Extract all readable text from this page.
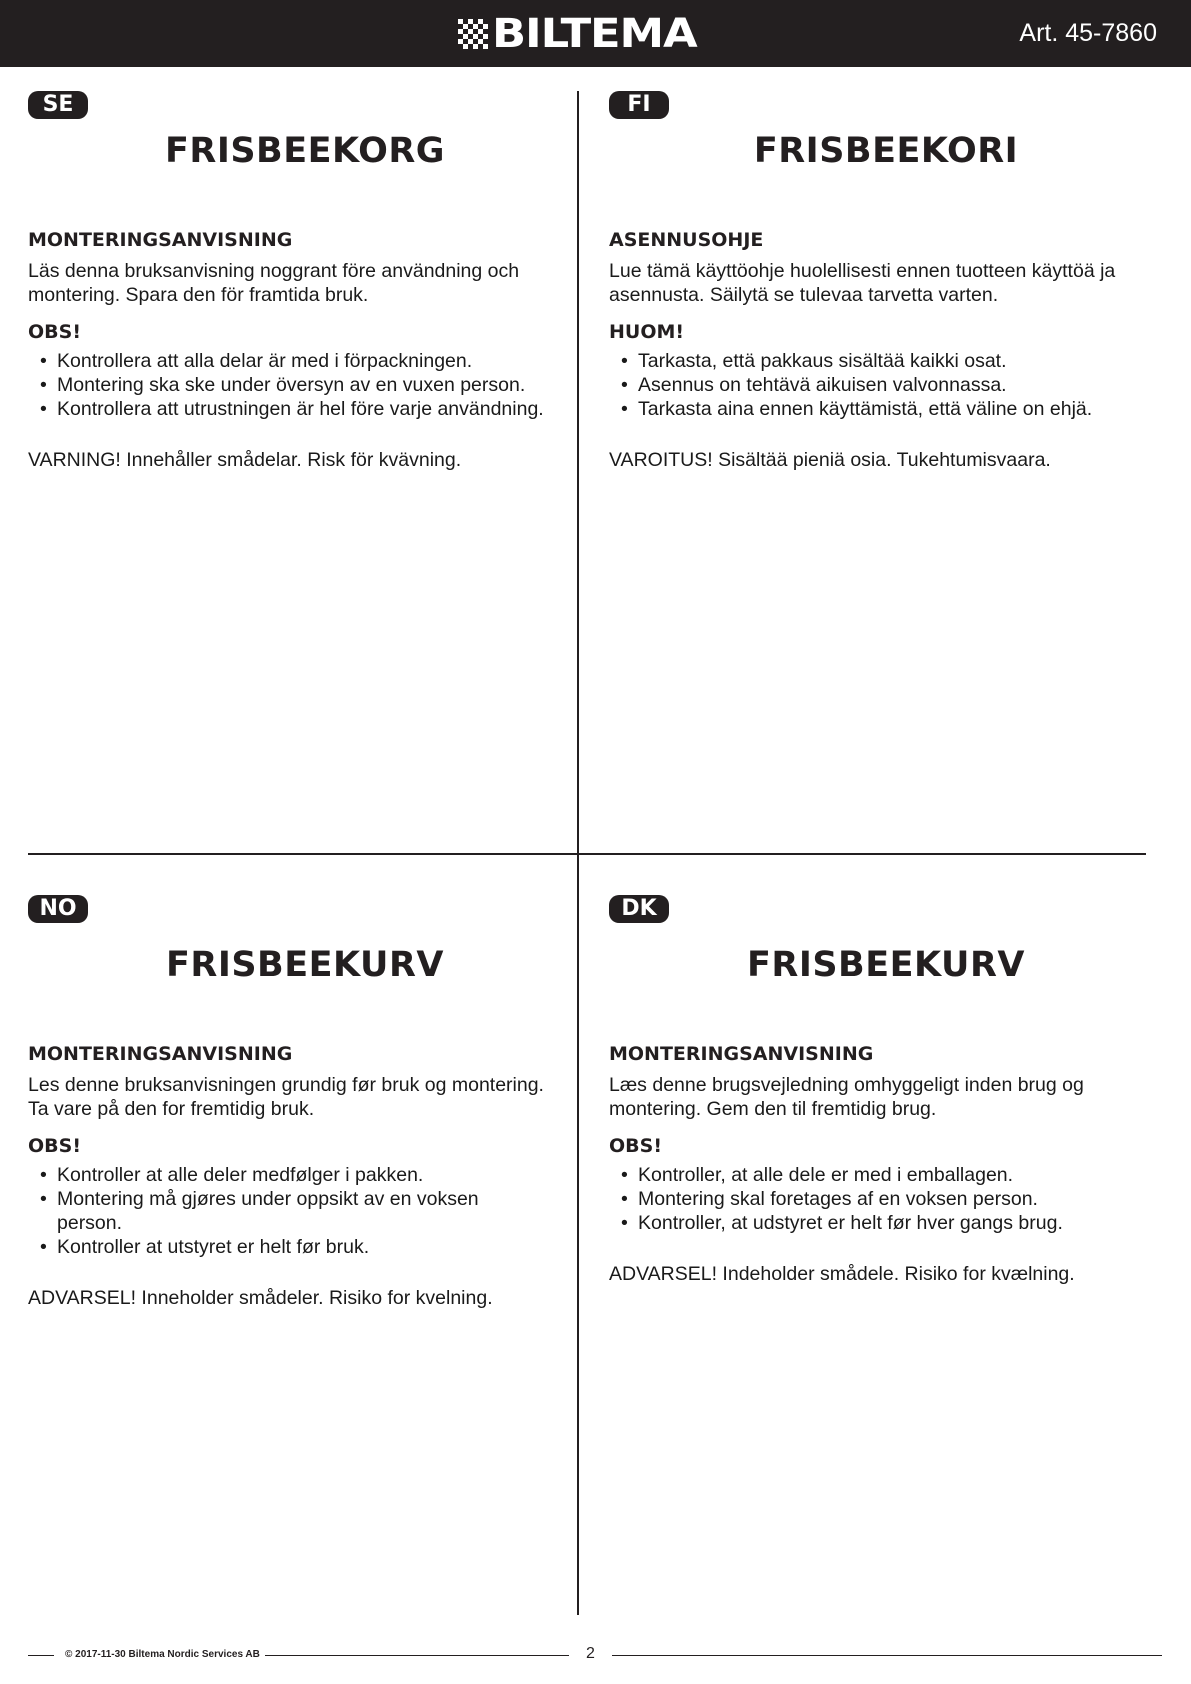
BILTEMA	Art. 45-7860
SE
FRISBEEKORG
MONTERINGSANVISNING

Läs denna bruksanvisning noggrant före användning och montering. Spara den för framtida bruk.

OBS!
• Kontrollera att alla delar är med i förpackningen.
• Montering ska ske under översyn av en vuxen person.
• Kontrollera att utrustningen är hel före varje användning.
VARNING! Innehåller smådelar. Risk för kvävning.
FI
FRISBEEKORI
ASENNUSOHJE

Lue tämä käyttöohje huolellisesti ennen tuotteen käyttöä ja asennusta. Säilytä se tulevaa tarvetta varten.

HUOM!
• Tarkasta, että pakkaus sisältää kaikki osat.
• Asennus on tehtävä aikuisen valvonnassa.
• Tarkasta aina ennen käyttämistä, että väline on ehjä.
VAROITUS! Sisältää pieniä osia. Tukehtumisvaara.
NO
FRISBEEKURV
MONTERINGSANVISNING

Les denne bruksanvisningen grundig før bruk og montering. Ta vare på den for fremtidig bruk.

OBS!
• Kontroller at alle deler medfølger i pakken.
• Montering må gjøres under oppsikt av en voksen person.
• Kontroller at utstyret er helt før bruk.
ADVARSEL! Inneholder smådeler. Risiko for kvelning.
DK
FRISBEEKURV
MONTERINGSANVISNING

Læs denne brugsvejledning omhyggeligt inden brug og montering. Gem den til fremtidig brug.

OBS!
• Kontroller, at alle dele er med i emballagen.
• Montering skal foretages af en voksen person.
• Kontroller, at udstyret er helt før hver gangs brug.
ADVARSEL! Indeholder smådele. Risiko for kvælning.
© 2017-11-30 Biltema Nordic Services AB	2
